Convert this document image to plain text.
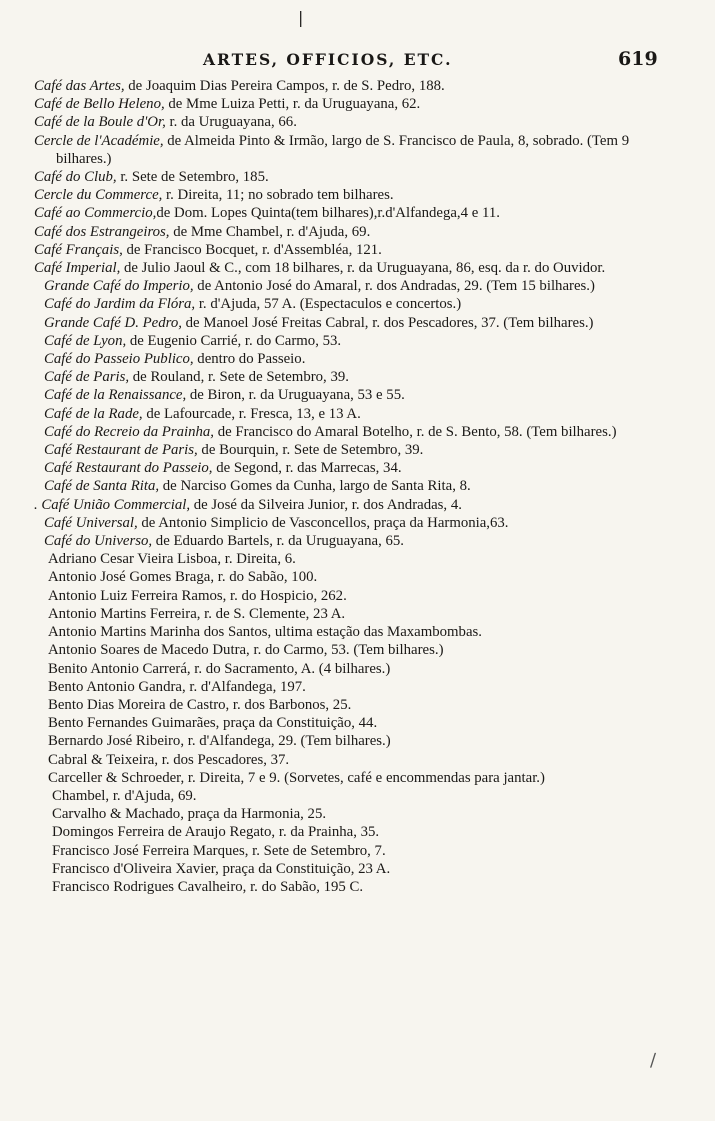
|
ARTES, OFFICIOS, ETC.	619
Café das Artes, de Joaquim Dias Pereira Campos, r. de S. Pedro, 188.
Café de Bello Heleno, de Mme Luiza Petti, r. da Uruguayana, 62.
Café de la Boule d'Or, r. da Uruguayana, 66.
Cercle de l'Académie, de Almeida Pinto & Irmão, largo de S. Francisco de Paula, 8, sobrado. (Tem 9 bilhares.)
Café do Club, r. Sete de Setembro, 185.
Cercle du Commerce, r. Direita, 11; no sobrado tem bilhares.
Café ao Commercio,de Dom. Lopes Quinta(tem bilhares),r.d'Alfandega,4 e 11.
Café dos Estrangeiros, de Mme Chambel, r. d'Ajuda, 69.
Café Français, de Francisco Bocquet, r. d'Assembléa, 121.
Café Imperial, de Julio Jaoul & C., com 18 bilhares, r. da Uruguayana, 86, esq. da r. do Ouvidor.
Grande Café do Imperio, de Antonio José do Amaral, r. dos Andradas, 29. (Tem 15 bilhares.)
Café do Jardim da Flóra, r. d'Ajuda, 57 A. (Espectaculos e concertos.)
Grande Café D. Pedro, de Manoel José Freitas Cabral, r. dos Pescadores, 37. (Tem bilhares.)
Café de Lyon, de Eugenio Carrié, r. do Carmo, 53.
Café do Passeio Publico, dentro do Passeio.
Café de Paris, de Rouland, r. Sete de Setembro, 39.
Café de la Renaissance, de Biron, r. da Uruguayana, 53 e 55.
Café de la Rade, de Lafourcade, r. Fresca, 13, e 13 A.
Café do Recreio da Prainha, de Francisco do Amaral Botelho, r. de S. Bento, 58. (Tem bilhares.)
Café Restaurant de Paris, de Bourquin, r. Sete de Setembro, 39.
Café Restaurant do Passeio, de Segond, r. das Marrecas, 34.
Café de Santa Rita, de Narciso Gomes da Cunha, largo de Santa Rita, 8.
. Café União Commercial, de José da Silveira Junior, r. dos Andradas, 4.
Café Universal, de Antonio Simplicio de Vasconcellos, praça da Harmonia,63.
Café do Universo, de Eduardo Bartels, r. da Uruguayana, 65.
Adriano Cesar Vieira Lisboa, r. Direita, 6.
Antonio José Gomes Braga, r. do Sabão, 100.
Antonio Luiz Ferreira Ramos, r. do Hospicio, 262.
Antonio Martins Ferreira, r. de S. Clemente, 23 A.
Antonio Martins Marinha dos Santos, ultima estação das Maxambombas.
Antonio Soares de Macedo Dutra, r. do Carmo, 53. (Tem bilhares.)
Benito Antonio Carrerá, r. do Sacramento, A. (4 bilhares.)
Bento Antonio Gandra, r. d'Alfandega, 197.
Bento Dias Moreira de Castro, r. dos Barbonos, 25.
Bento Fernandes Guimarães, praça da Constituição, 44.
Bernardo José Ribeiro, r. d'Alfandega, 29. (Tem bilhares.)
Cabral & Teixeira, r. dos Pescadores, 37.
Carceller & Schroeder, r. Direita, 7 e 9. (Sorvetes, café e encommendas para jantar.)
Chambel, r. d'Ajuda, 69.
Carvalho & Machado, praça da Harmonia, 25.
Domingos Ferreira de Araujo Regato, r. da Prainha, 35.
Francisco José Ferreira Marques, r. Sete de Setembro, 7.
Francisco d'Oliveira Xavier, praça da Constituição, 23 A.
Francisco Rodrigues Cavalheiro, r. do Sabão, 195 C.
∕
